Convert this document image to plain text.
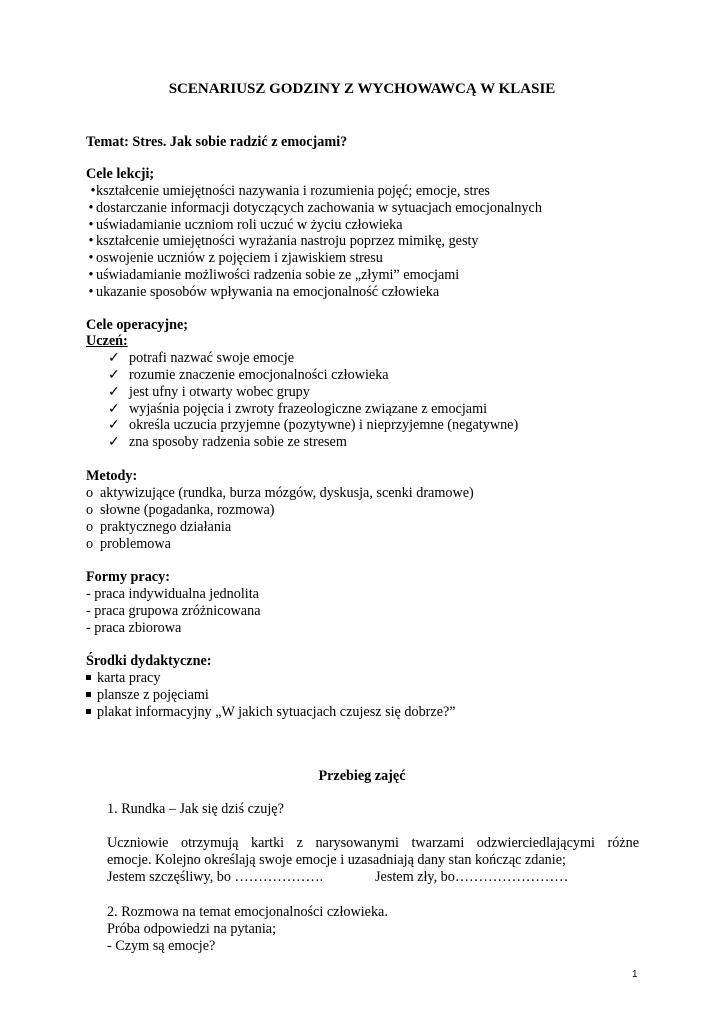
SCENARIUSZ GODZINY Z WYCHOWAWCĄ W KLASIE
Temat: Stres. Jak sobie radzić z emocjami?
Cele lekcji;
• kształcenie umiejętności nazywania i rozumienia pojęć; emocje, stres
• dostarczanie informacji dotyczących zachowania w sytuacjach emocjonalnych
• uświadamianie uczniom roli uczuć w życiu człowieka
• kształcenie umiejętności wyrażania nastroju poprzez mimikę, gesty
• oswojenie uczniów z pojęciem i zjawiskiem stresu
• uświadamianie możliwości radzenia sobie ze „złymi” emocjami
• ukazanie sposobów wpływania na emocjonalność człowieka
Cele operacyjne;
Uczeń:
✓ potrafi nazwać swoje emocje
✓ rozumie znaczenie emocjonalności człowieka
✓ jest ufny i otwarty wobec grupy
✓ wyjaśnia pojęcia i zwroty frazeologiczne związane z emocjami
✓ określa uczucia przyjemne (pozytywne) i nieprzyjemne (negatywne)
✓ zna sposoby radzenia sobie ze stresem
Metody:
o aktywizujące (rundka, burza mózgów, dyskusja, scenki dramowe)
o słowne (pogadanka, rozmowa)
o praktycznego działania
o problemowa
Formy pracy:
- praca indywidualna jednolita
- praca grupowa zróżnicowana
- praca zbiorowa
Środki dydaktyczne:
karta pracy
plansze z pojęciami
plakat informacyjny „W jakich sytuacjach czujesz się dobrze?”
Przebieg zajęć
1. Rundka – Jak się dziś czuję?
Uczniowie otrzymują kartki z narysowanymi twarzami odzwierciedlającymi różne
emocje. Kolejno określają swoje emocje i uzasadniają dany stan kończąc zdanie;
Jestem szczęśliwy, bo ……………….	Jestem zły, bo……………………
2. Rozmowa na temat emocjonalności człowieka.
Próba odpowiedzi na pytania;
- Czym są emocje?
1
